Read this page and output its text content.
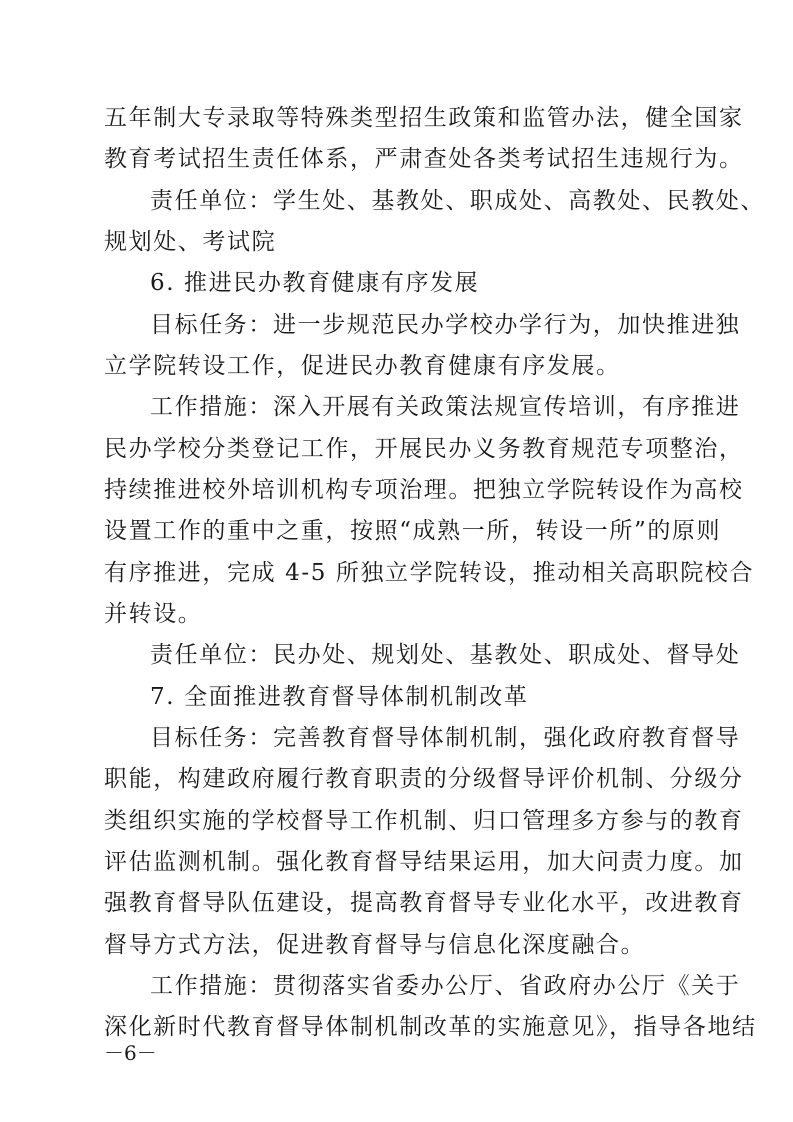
五年制大专录取等特殊类型招生政策和监管办法，健全国家
教育考试招生责任体系，严肃查处各类考试招生违规行为。
责任单位：学生处、基教处、职成处、高教处、民教处、
规划处、考试院
6. 推进民办教育健康有序发展
目标任务：进一步规范民办学校办学行为，加快推进独
立学院转设工作，促进民办教育健康有序发展。
工作措施：深入开展有关政策法规宣传培训，有序推进
民办学校分类登记工作，开展民办义务教育规范专项整治，
持续推进校外培训机构专项治理。把独立学院转设作为高校
设置工作的重中之重，按照“成熟一所，转设一所”的原则
有序推进，完成 4-5 所独立学院转设，推动相关高职院校合
并转设。
责任单位：民办处、规划处、基教处、职成处、督导处
7. 全面推进教育督导体制机制改革
目标任务：完善教育督导体制机制，强化政府教育督导
职能，构建政府履行教育职责的分级督导评价机制、分级分
类组织实施的学校督导工作机制、归口管理多方参与的教育
评估监测机制。强化教育督导结果运用，加大问责力度。加
强教育督导队伍建设，提高教育督导专业化水平，改进教育
督导方式方法，促进教育督导与信息化深度融合。
工作措施：贯彻落实省委办公厅、省政府办公厅《关于
深化新时代教育督导体制机制改革的实施意见》，指导各地结
－6－
